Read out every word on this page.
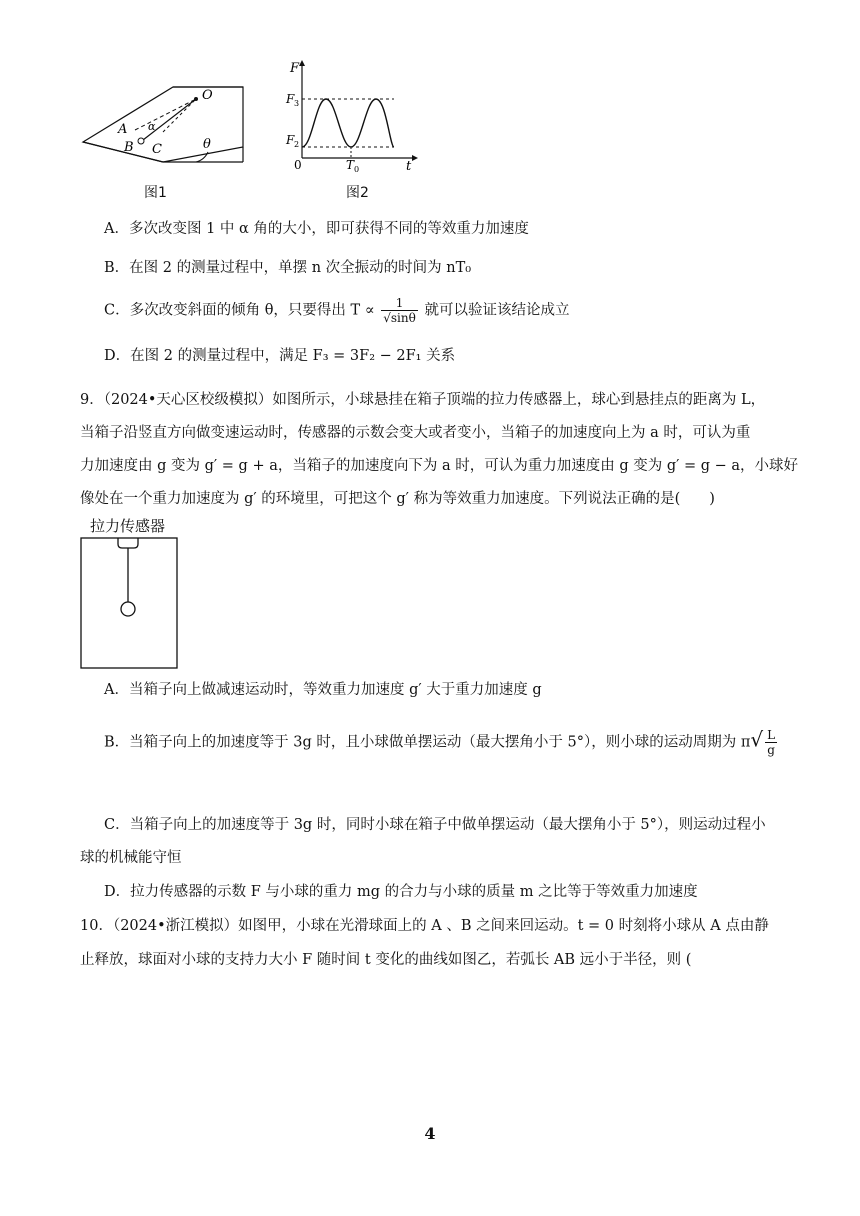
O
A
B C
α
θ
图1
F
F 3
F 2
0	T 0	t
图2
A．多次改变图 1 中 α 角的大小，即可获得不同的等效重力加速度
B．在图 2 的测量过程中，单摆 n 次全振动的时间为 nT₀
C．多次改变斜面的倾角 θ，只要得出 $T \propto \frac{1}{√\sin\theta}$ 就可以验证该结论成立
D．在图 2 的测量过程中，满足 F₃ = 3F₂ − 2F₁ 关系
9．（2024•天心区校级模拟）如图所示，小球悬挂在箱子顶端的拉力传感器上，球心到悬挂点的距离为 L，
当箱子沿竖直方向做变速运动时，传感器的示数会变大或者变小，当箱子的加速度向上为 a 时，可认为重
力加速度由 g 变为 g′ = g + a，当箱子的加速度向下为 a 时，可认为重力加速度由 g 变为 g′ = g − a，小球好
像处在一个重力加速度为 g′ 的环境里，可把这个 g′ 称为等效重力加速度。下列说法正确的是(　　)
拉力传感器
A．当箱子向上做减速运动时，等效重力加速度 g′ 大于重力加速度 g
B．当箱子向上的加速度等于 3g 时，且小球做单摆运动（最大摆角小于 5°），则小球的运动周期为 $\pi√ \frac{L}{g}$
C．当箱子向上的加速度等于 3g 时，同时小球在箱子中做单摆运动（最大摆角小于 5°），则运动过程小
球的机械能守恒
D．拉力传感器的示数 F 与小球的重力 mg 的合力与小球的质量 m 之比等于等效重力加速度
10．（2024•浙江模拟）如图甲，小球在光滑球面上的 A 、B 之间来回运动。t = 0 时刻将小球从 A 点由静
止释放，球面对小球的支持力大小 F 随时间 t 变化的曲线如图乙，若弧长 AB 远小于半径，则 (
4
